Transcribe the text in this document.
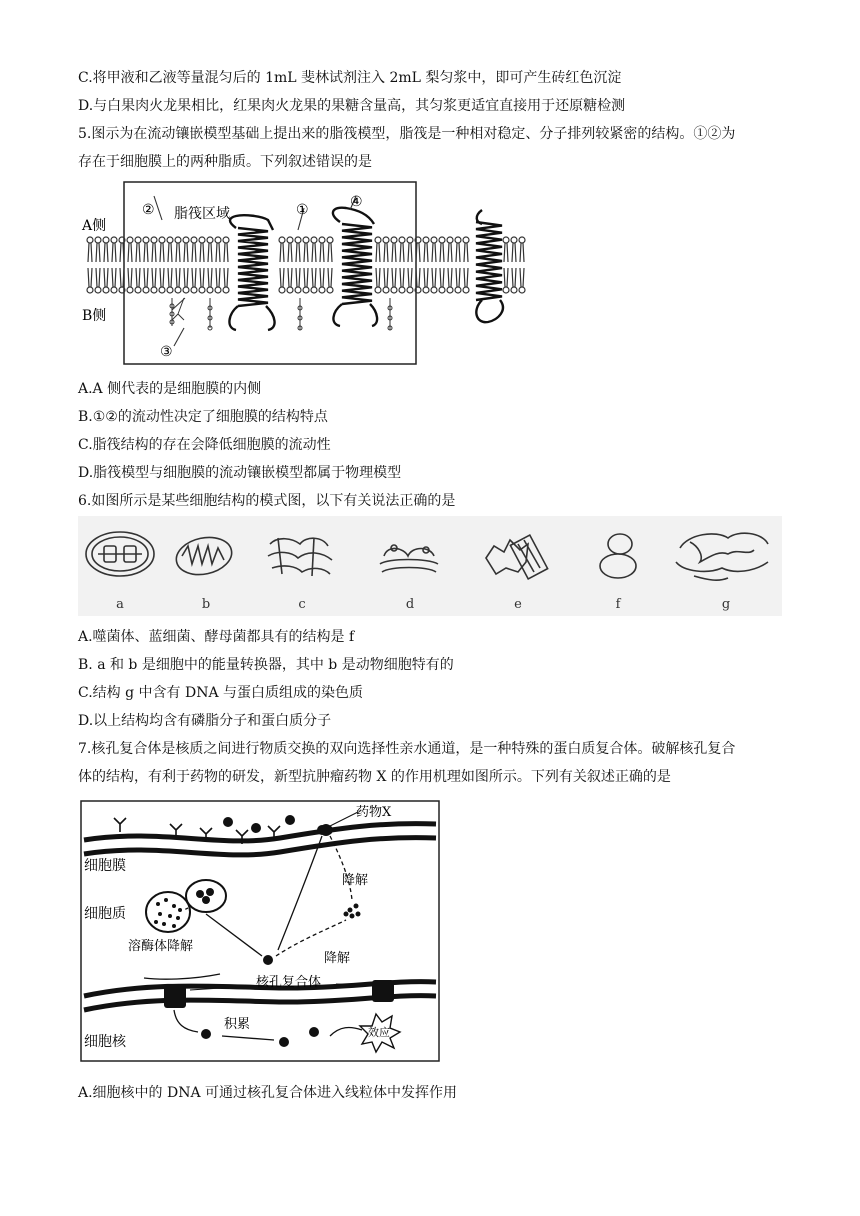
C.将甲液和乙液等量混匀后的 1mL 斐林试剂注入 2mL 梨匀浆中，即可产生砖红色沉淀
D.与白果肉火龙果相比，红果肉火龙果的果糖含量高，其匀浆更适宜直接用于还原糖检测
5.图示为在流动镶嵌模型基础上提出来的脂筏模型，脂筏是一种相对稳定、分子排列较紧密的结构。①②为
存在于细胞膜上的两种脂质。下列叙述错误的是
A侧
B侧
脂筏区域
②	①	④
③
A.A 侧代表的是细胞膜的内侧
B.①②的流动性决定了细胞膜的结构特点
C.脂筏结构的存在会降低细胞膜的流动性
D.脂筏模型与细胞膜的流动镶嵌模型都属于物理模型
6.如图所示是某些细胞结构的模式图，以下有关说法正确的是
a	b	c	d	e	f	g
A.噬菌体、蓝细菌、酵母菌都具有的结构是 f
B. a 和 b 是细胞中的能量转换器，其中 b 是动物细胞特有的
C.结构 g 中含有 DNA 与蛋白质组成的染色质
D.以上结构均含有磷脂分子和蛋白质分子
7.核孔复合体是核质之间进行物质交换的双向选择性亲水通道，是一种特殊的蛋白质复合体。破解核孔复合
体的结构，有利于药物的研发，新型抗肿瘤药物 X 的作用机理如图所示。下列有关叙述正确的是
药物X
降解
降解
细胞膜
细胞质
溶酶体降解
核孔复合体
积累
效应
细胞核
A.细胞核中的 DNA 可通过核孔复合体进入线粒体中发挥作用
